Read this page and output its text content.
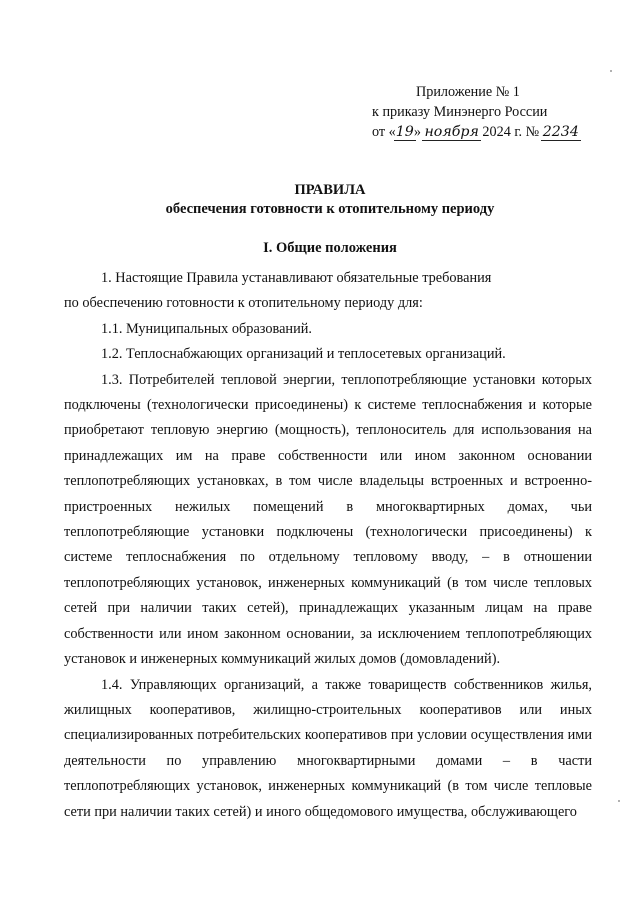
Приложение № 1
к приказу Минэнерго России
от «19
» ноября
2024 г. № 2234
ПРАВИЛА
обеспечения готовности к отопительному периоду
I. Общие положения

1. Настоящие Правила устанавливают обязательные требования

по обеспечению готовности к отопительному периоду для:

1.1. Муниципальных образований.

1.2. Теплоснабжающих организаций и теплосетевых организаций.

1.3. Потребителей тепловой энергии, теплопотребляющие установки которых подключены (технологически присоединены) к системе теплоснабжения и которые приобретают тепловую энергию (мощность), теплоноситель для использования на принадлежащих им на праве собственности или ином законном основании теплопотребляющих установках, в том числе владельцы встроенных и встроенно-пристроенных нежилых помещений в многоквартирных домах, чьи теплопотребляющие установки подключены (технологически присоединены) к системе теплоснабжения по отдельному тепловому вводу, – в отношении теплопотребляющих установок, инженерных коммуникаций (в том числе тепловых сетей при наличии таких сетей), принадлежащих указанным лицам на праве собственности или ином законном основании, за исключением теплопотребляющих установок и инженерных коммуникаций жилых домов (домовладений).

1.4. Управляющих организаций, а также товариществ собственников жилья, жилищных кооперативов, жилищно-строительных кооперативов или иных специализированных потребительских кооперативов при условии осуществления ими деятельности по управлению многоквартирными домами – в части теплопотребляющих установок, инженерных коммуникаций (в том числе тепловые сети при наличии таких сетей) и иного общедомового имущества, обслуживающего
